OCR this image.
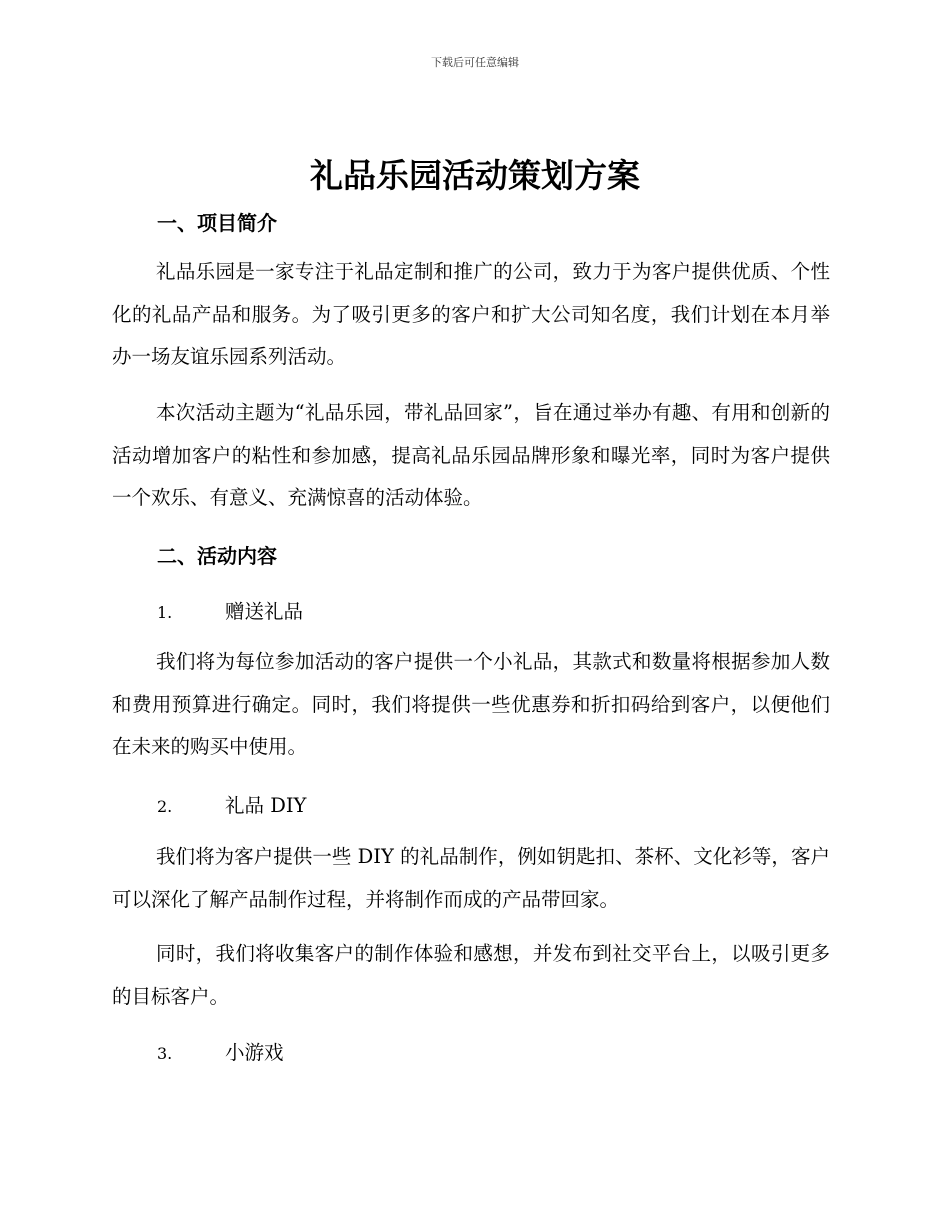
下载后可任意编辑
礼品乐园活动策划方案
一、项目简介

礼品乐园是一家专注于礼品定制和推广的公司，致力于为客户提供优质、个性化的礼品产品和服务。为了吸引更多的客户和扩大公司知名度，我们计划在本月举办一场友谊乐园系列活动。

本次活动主题为“礼品乐园，带礼品回家”，旨在通过举办有趣、有用和创新的活动增加客户的粘性和参加感，提高礼品乐园品牌形象和曝光率，同时为客户提供一个欢乐、有意义、充满惊喜的活动体验。

二、活动内容
1.	赠送礼品

我们将为每位参加活动的客户提供一个小礼品，其款式和数量将根据参加人数和费用预算进行确定。同时，我们将提供一些优惠券和折扣码给到客户，以便他们在未来的购买中使用。

2.	礼品 DIY

我们将为客户提供一些 DIY 的礼品制作，例如钥匙扣、茶杯、文化衫等，客户可以深化了解产品制作过程，并将制作而成的产品带回家。

同时，我们将收集客户的制作体验和感想，并发布到社交平台上，以吸引更多的目标客户。

3.	小游戏
